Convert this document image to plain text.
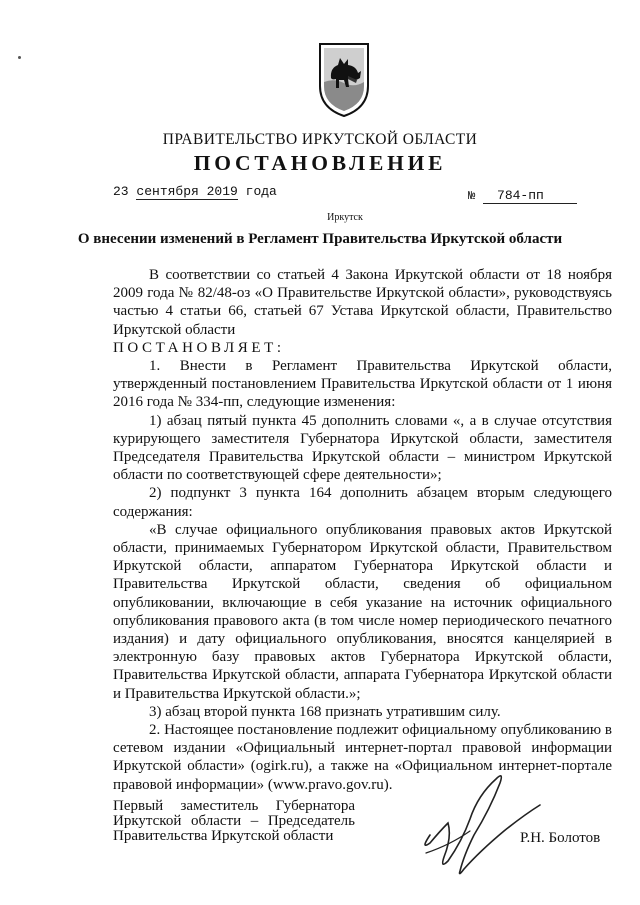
ПРАВИТЕЛЬСТВО ИРКУТСКОЙ ОБЛАСТИ
ПОСТАНОВЛЕНИЕ
23 сентября 2019 года	№ 784-пп
Иркутск
О внесении изменений в Регламент Правительства Иркутской области

В соответствии со статьей 4 Закона Иркутской области от 18 ноября 2009 года № 82/48-оз «О Правительстве Иркутской области», руководствуясь частью 4 статьи 66, статьей 67 Устава Иркутской области, Правительство Иркутской области

ПОСТАНОВЛЯЕТ:

1. Внести в Регламент Правительства Иркутской области, утвержденный постановлением Правительства Иркутской области от 1 июня 2016 года № 334-пп, следующие изменения:

1) абзац пятый пункта 45 дополнить словами «, а в случае отсутствия курирующего заместителя Губернатора Иркутской области, заместителя Председателя Правительства Иркутской области – министром Иркутской области по соответствующей сфере деятельности»;

2) подпункт 3 пункта 164 дополнить абзацем вторым следующего содержания:

«В случае официального опубликования правовых актов Иркутской области, принимаемых Губернатором Иркутской области, Правительством Иркутской области, аппаратом Губернатора Иркутской области и Правительства Иркутской области, сведения об официальном опубликовании, включающие в себя указание на источник официального опубликования правового акта (в том числе номер периодического печатного издания) и дату официального опубликования, вносятся канцелярией в электронную базу правовых актов Губернатора Иркутской области, Правительства Иркутской области, аппарата Губернатора Иркутской области и Правительства Иркутской области.»;

3) абзац второй пункта 168 признать утратившим силу.

2. Настоящее постановление подлежит официальному опубликованию в сетевом издании «Официальный интернет-портал правовой информации Иркутской области» (ogirk.ru), а также на «Официальном интернет-портале правовой информации» (www.pravo.gov.ru).

Первый заместитель Губернатора
Иркутской области – Председатель
Правительства Иркутской области	Р.Н. Болотов
